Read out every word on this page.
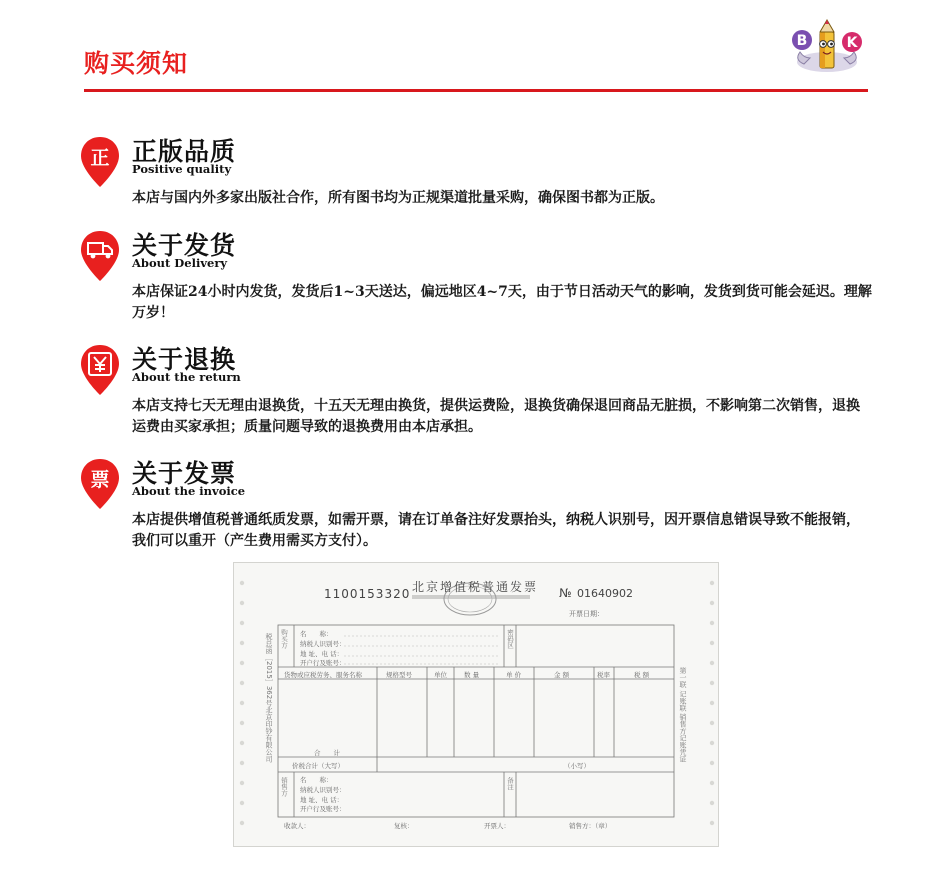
购买须知
B	K
正 正版品质
Positive quality
本店与国内外多家出版社合作，所有图书均为正规渠道批量采购，确保图书都为正版。
关于发货
About Delivery
本店保证24小时内发货，发货后1~3天送达，偏远地区4~7天，由于节日活动天气的影响，发货到货可能会延迟。理解万岁！
关于退换
About the return
本店支持七天无理由退换货，十五天无理由换货，提供运费险，退换货确保退回商品无脏损，不影响第二次销售，退换运费由买家承担；质量问题导致的退换费用由本店承担。
票 关于发票
About the invoice
本店提供增值税普通纸质发票，如需开票，请在订单备注好发票抬头，纳税人识别号，因开票信息错误导致不能报销，我们可以重开（产生费用需买方支付）。
1100153320 北京增值税普通发票 № 01640902
开票日期：
购买方 名　　称：
纳税人识别号：
地 址、电 话：
开户行及账号：
密码区
货物或应税劳务、服务名称	规格型号	单位	数 量	单 价	金 额	税率	税 额
合　　计
价税合计（大写）	（小写）
销售方 名　　称：
纳税人识别号：
地 址、电 话：
开户行及账号：
备注
收款人：	复核：	开票人：	销售方：（章）
税总函［2015］362号北京印钞有限公司	第一联 记账联 销售方记账凭证
